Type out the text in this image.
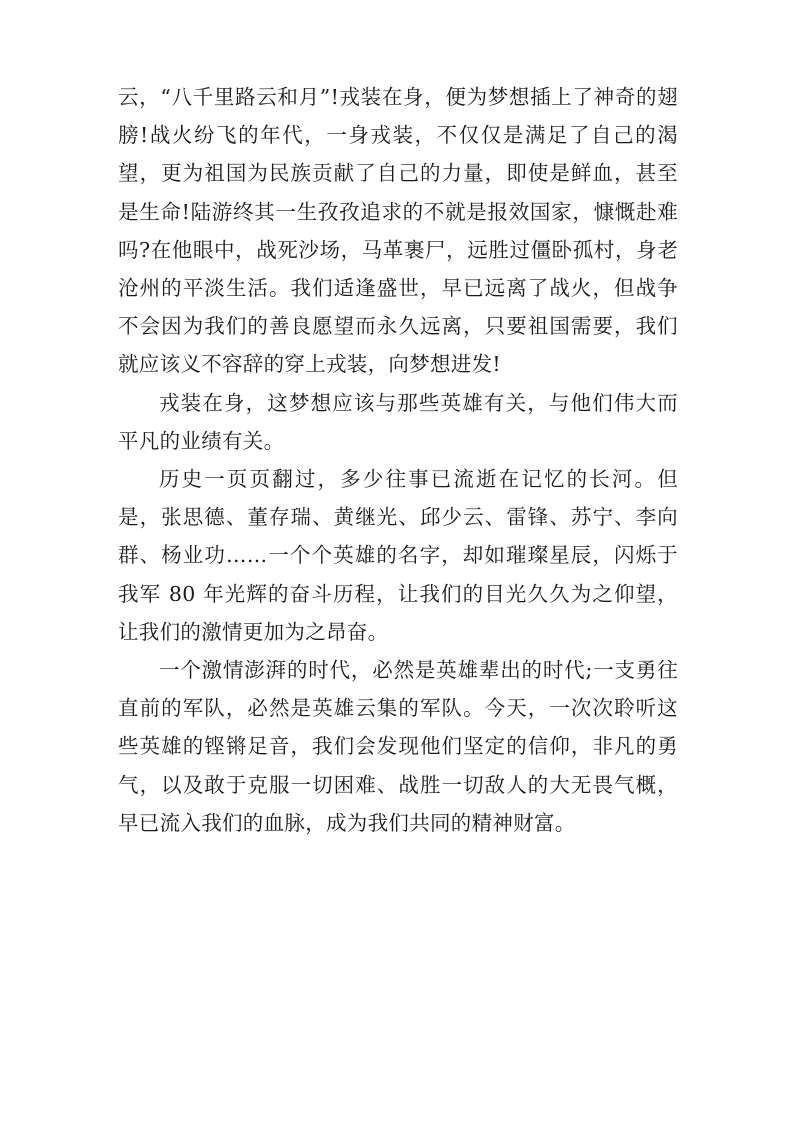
云，“八千里路云和月”!戎装在身，便为梦想插上了神奇的翅膀!战火纷飞的年代，一身戎装，不仅仅是满足了自己的渴望，更为祖国为民族贡献了自己的力量，即使是鲜血，甚至是生命!陆游终其一生孜孜追求的不就是报效国家，慷慨赴难吗?在他眼中，战死沙场，马革裹尸，远胜过僵卧孤村，身老沧州的平淡生活。我们适逢盛世，早已远离了战火，但战争不会因为我们的善良愿望而永久远离，只要祖国需要，我们就应该义不容辞的穿上戎装，向梦想进发!

戎装在身，这梦想应该与那些英雄有关，与他们伟大而平凡的业绩有关。

历史一页页翻过，多少往事已流逝在记忆的长河。但是，张思德、董存瑞、黄继光、邱少云、雷锋、苏宁、李向群、杨业功……一个个英雄的名字，却如璀璨星辰，闪烁于我军 80 年光辉的奋斗历程，让我们的目光久久为之仰望，让我们的激情更加为之昂奋。

一个激情澎湃的时代，必然是英雄辈出的时代;一支勇往直前的军队，必然是英雄云集的军队。今天，一次次聆听这些英雄的铿锵足音，我们会发现他们坚定的信仰，非凡的勇气，以及敢于克服一切困难、战胜一切敌人的大无畏气概，早已流入我们的血脉，成为我们共同的精神财富。
